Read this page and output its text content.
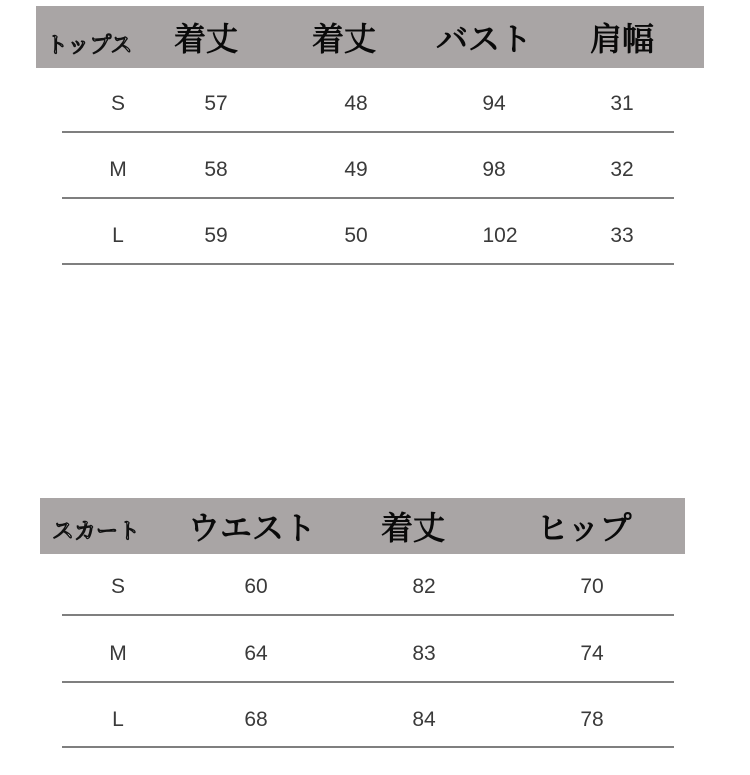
トップス 着丈 着丈 バスト 肩幅
S	57	48	94	31
M	58	49	98	32
L	59	50	102	33
スカート ウエスト 着丈	ヒップ
S	60	82	70
M	64	83	74
L	68	84	78
